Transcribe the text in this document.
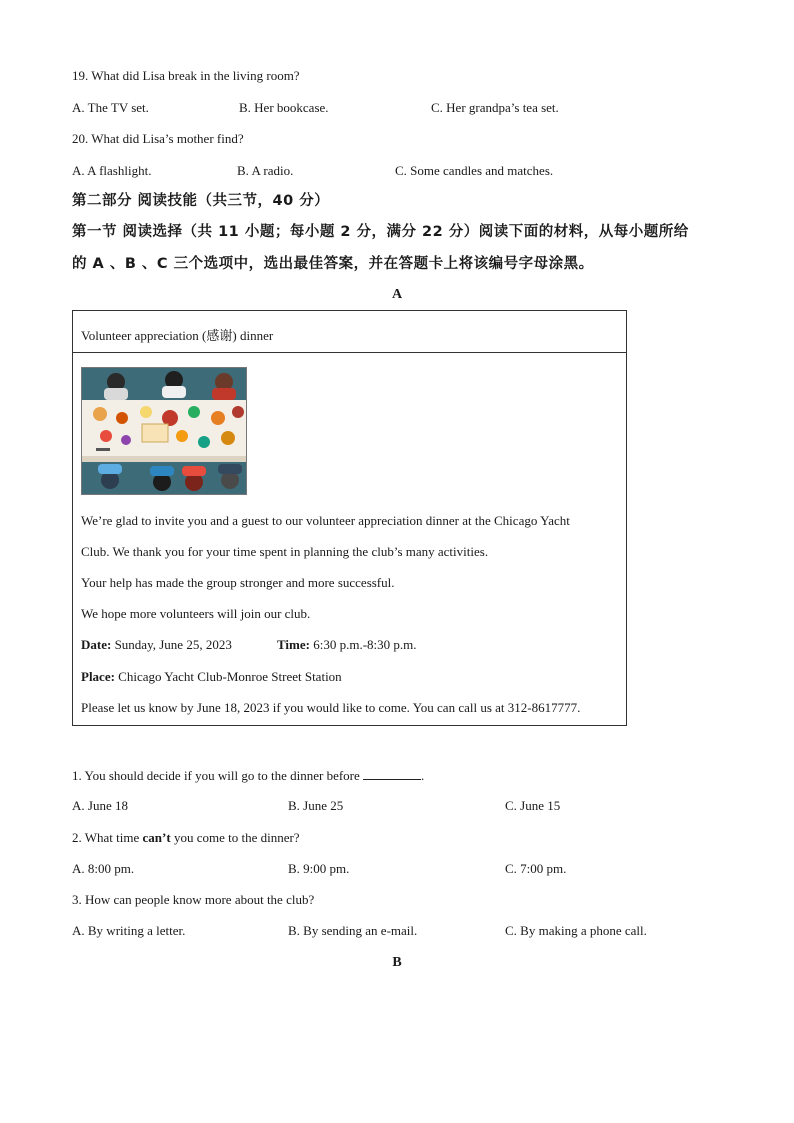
19. What did Lisa break in the living room?
A. The TV set.	B. Her bookcase.	C. Her grandpa’s tea set.
20. What did Lisa’s mother find?
A. A flashlight.	B. A radio.	C. Some candles and matches.
第二部分 阅读技能（共三节，40 分）
第一节 阅读选择（共 11 小题；每小题 2 分，满分 22 分）阅读下面的材料，从每小题所给
的 A 、B 、C 三个选项中，选出最佳答案，并在答题卡上将该编号字母涂黑。
A
Volunteer appreciation (感谢) dinner
We’re glad to invite you and a guest to our volunteer appreciation dinner at the Chicago Yacht
Club. We thank you for your time spent in planning the club’s many activities.
Your help has made the group stronger and more successful.
We hope more volunteers will join our club.
Date: Sunday, June 25, 2023	Time: 6:30 p.m.-8:30 p.m.
Place: Chicago Yacht Club-Monroe Street Station
Please let us know by June 18, 2023 if you would like to come. You can call us at 312-8617777.
1. You should decide if you will go to the dinner before	.
A. June 18	B. June 25	C. June 15
2. What time can’t you come to the dinner?
A. 8:00 pm.	B. 9:00 pm.	C. 7:00 pm.
3. How can people know more about the club?
A. By writing a letter.	B. By sending an e-mail.	C. By making a phone call.
B
